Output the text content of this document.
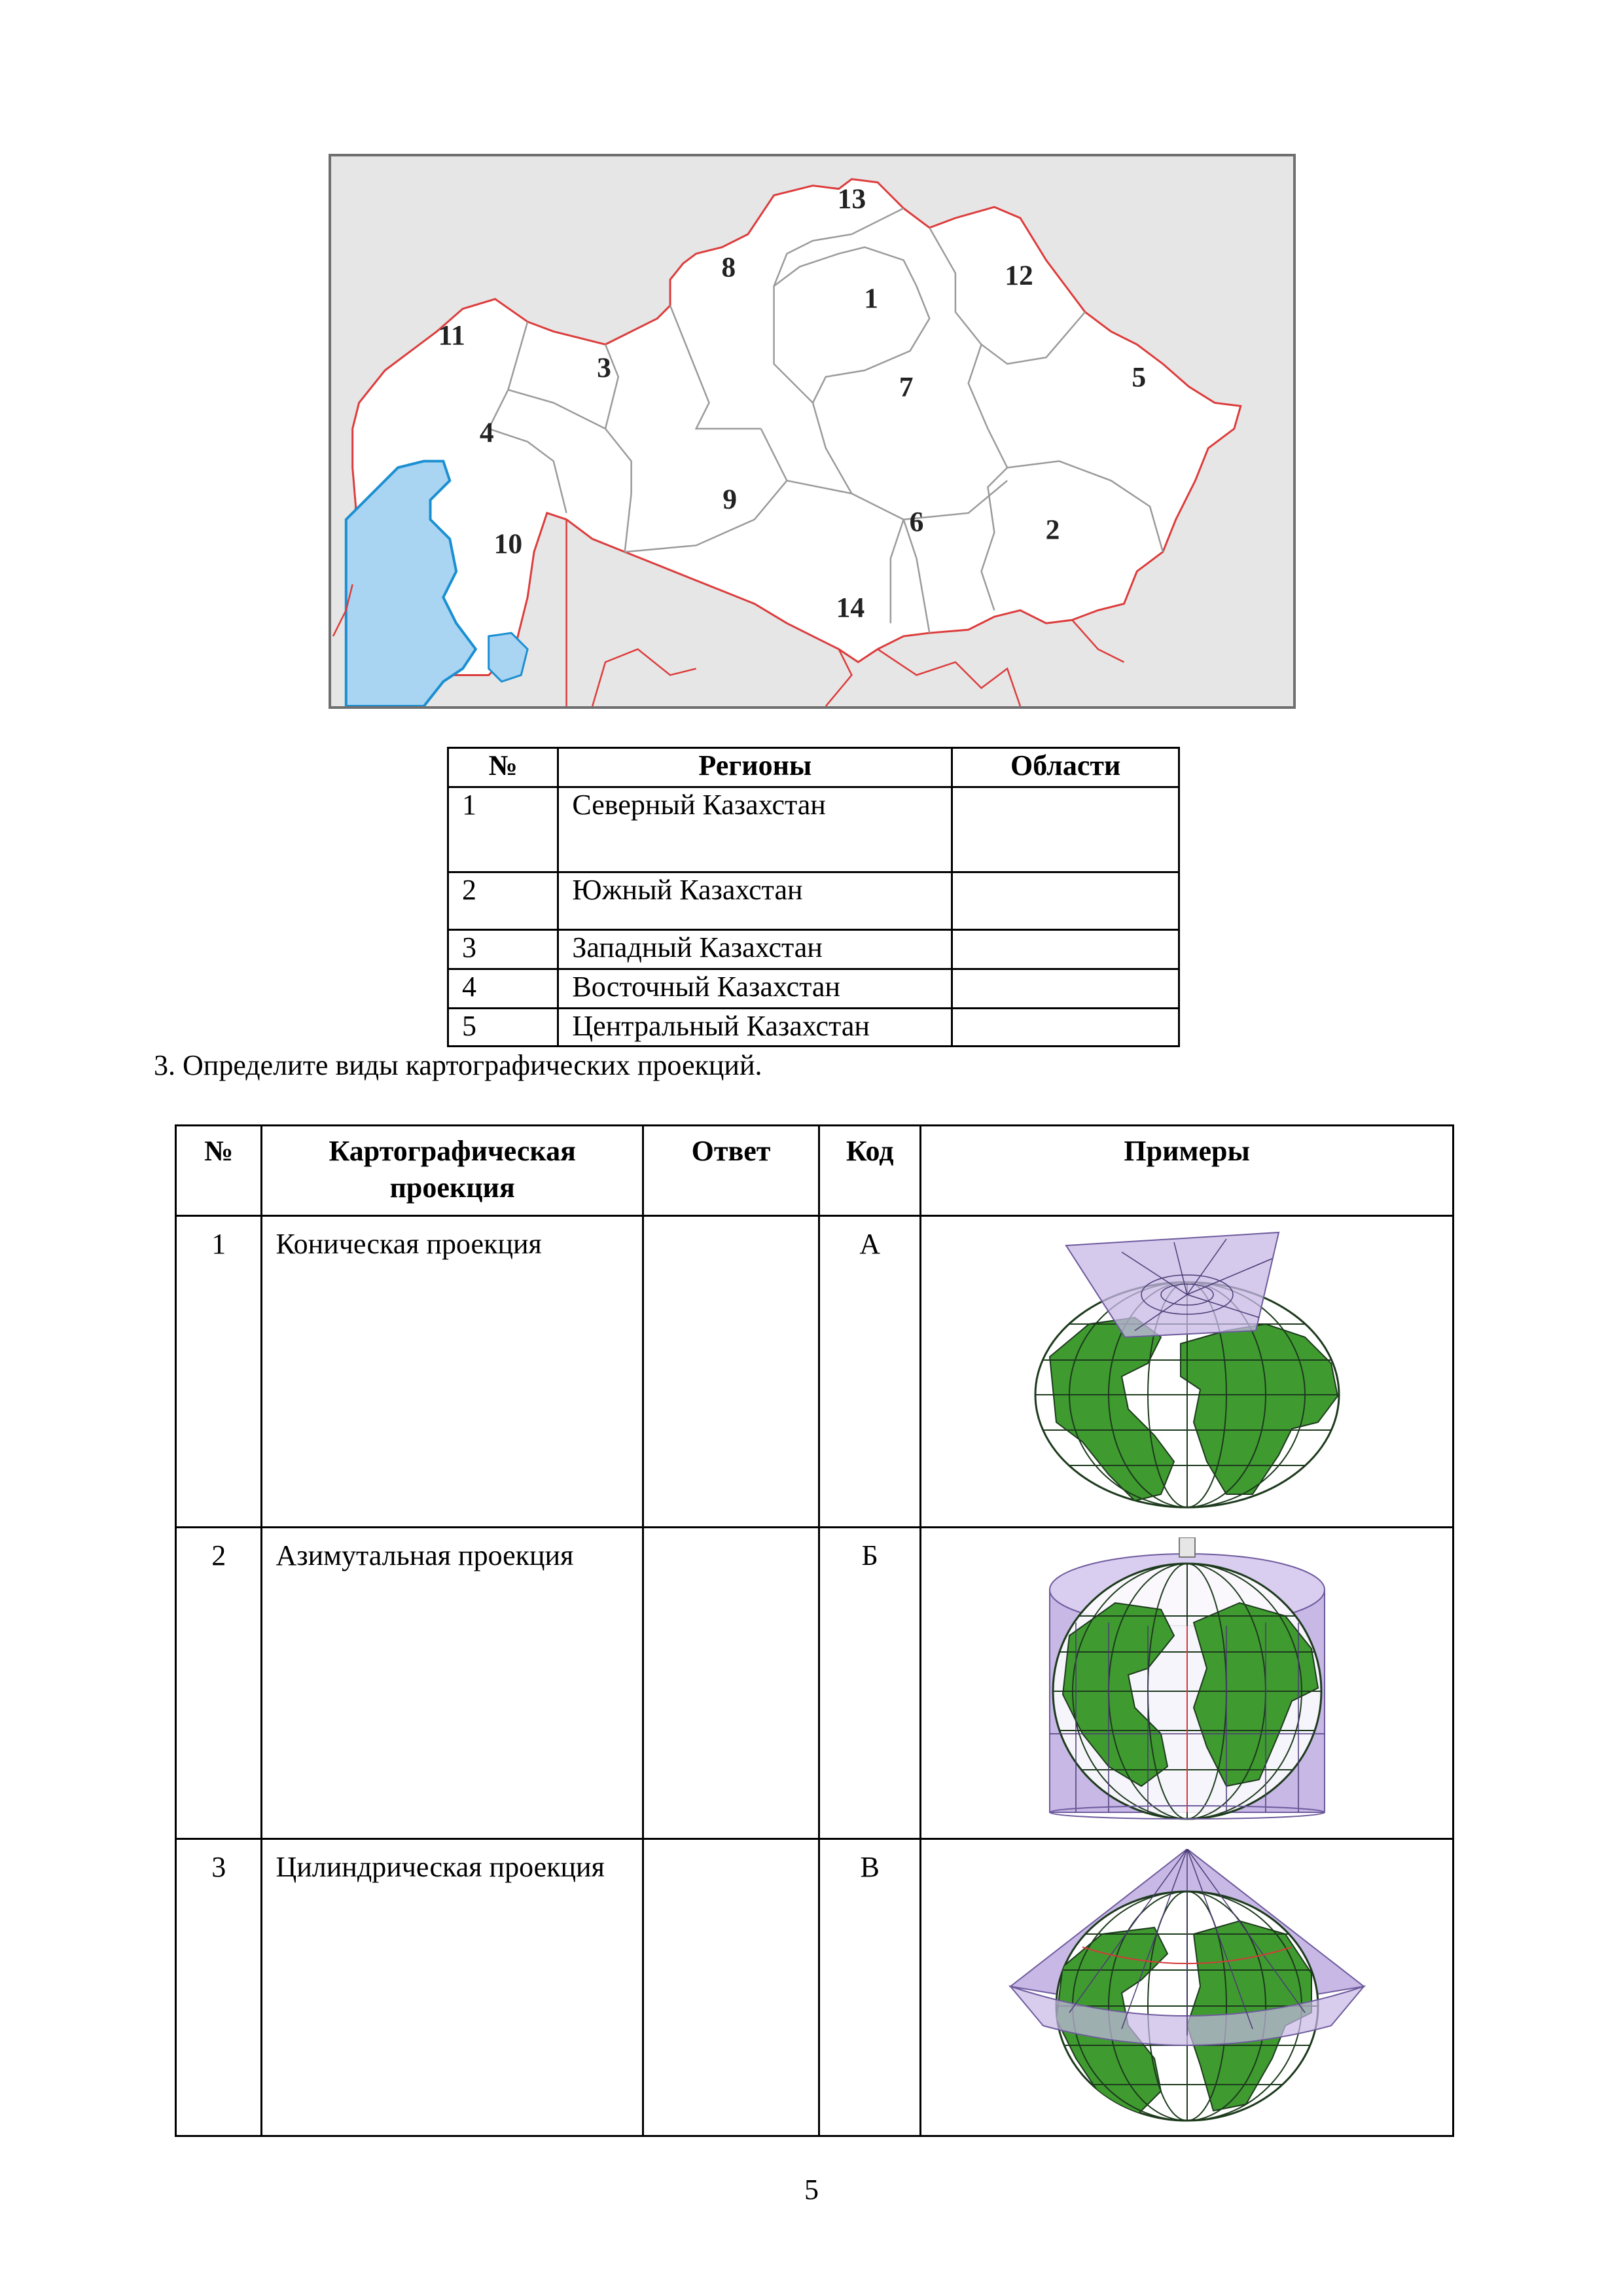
13
8
1
12
11
3
7	5
4
9
6	2
10
14
№	Регионы	Области
1	Северный Казахстан	
2	Южный Казахстан	
3	Западный Казахстан	
4	Восточный Казахстан	
5	Центральный Казахстан	
3. Определите виды картографических проекций.
№	Картографическая проекция	Ответ	Код	Примеры
1	Коническая проекция		А	

2	Азимутальная проекция		Б	

3	Цилиндрическая проекция		В	
5
